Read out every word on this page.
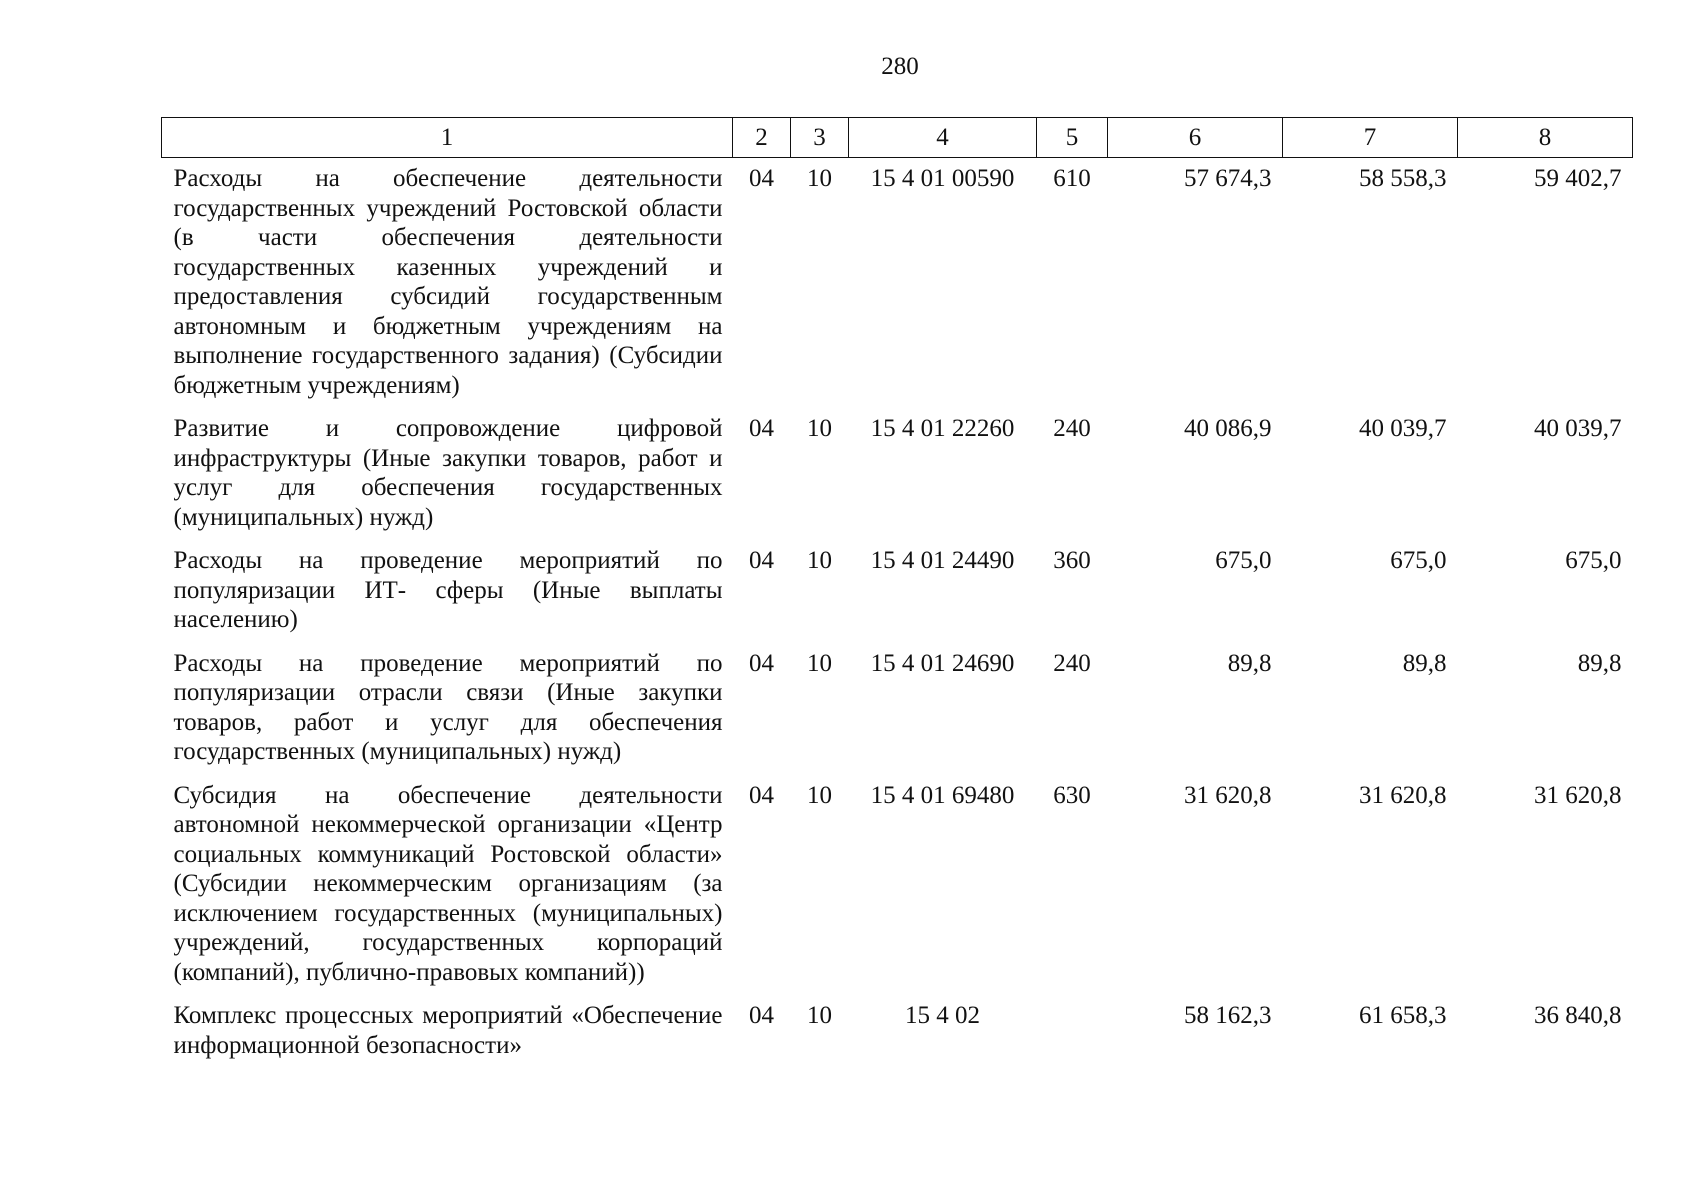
280
1	2	3	4	5	6	7	8
Расходы на обеспечение деятельности государственных учреждений Ростовской области (в части обеспечения деятельности государственных казенных учреждений и предоставления субсидий государственным автономным и бюджетным учреждениям на выполнение государственного задания) (Субсидии бюджетным учреждениям)	04	10	15 4 01 00590	610	57 674,3	58 558,3	59 402,7
Развитие и сопровождение цифровой инфраструктуры (Иные закупки товаров, работ и услуг для обеспечения государственных (муниципальных) нужд)	04	10	15 4 01 22260	240	40 086,9	40 039,7	40 039,7
Расходы на проведение мероприятий по популяризации ИТ- сферы (Иные выплаты населению)	04	10	15 4 01 24490	360	675,0	675,0	675,0
Расходы на проведение мероприятий по популяризации отрасли связи (Иные закупки товаров, работ и услуг для обеспечения государственных (муниципальных) нужд)	04	10	15 4 01 24690	240	89,8	89,8	89,8
Субсидия на обеспечение деятельности автономной некоммерческой организации «Центр социальных коммуникаций Ростовской области» (Субсидии некоммерческим организациям (за исключением государственных (муниципальных) учреждений, государственных корпораций (компаний), публично-правовых компаний))	04	10	15 4 01 69480	630	31 620,8	31 620,8	31 620,8
Комплекс процессных мероприятий «Обеспечение информационной безопасности»	04	10	15 4 02		58 162,3	61 658,3	36 840,8
